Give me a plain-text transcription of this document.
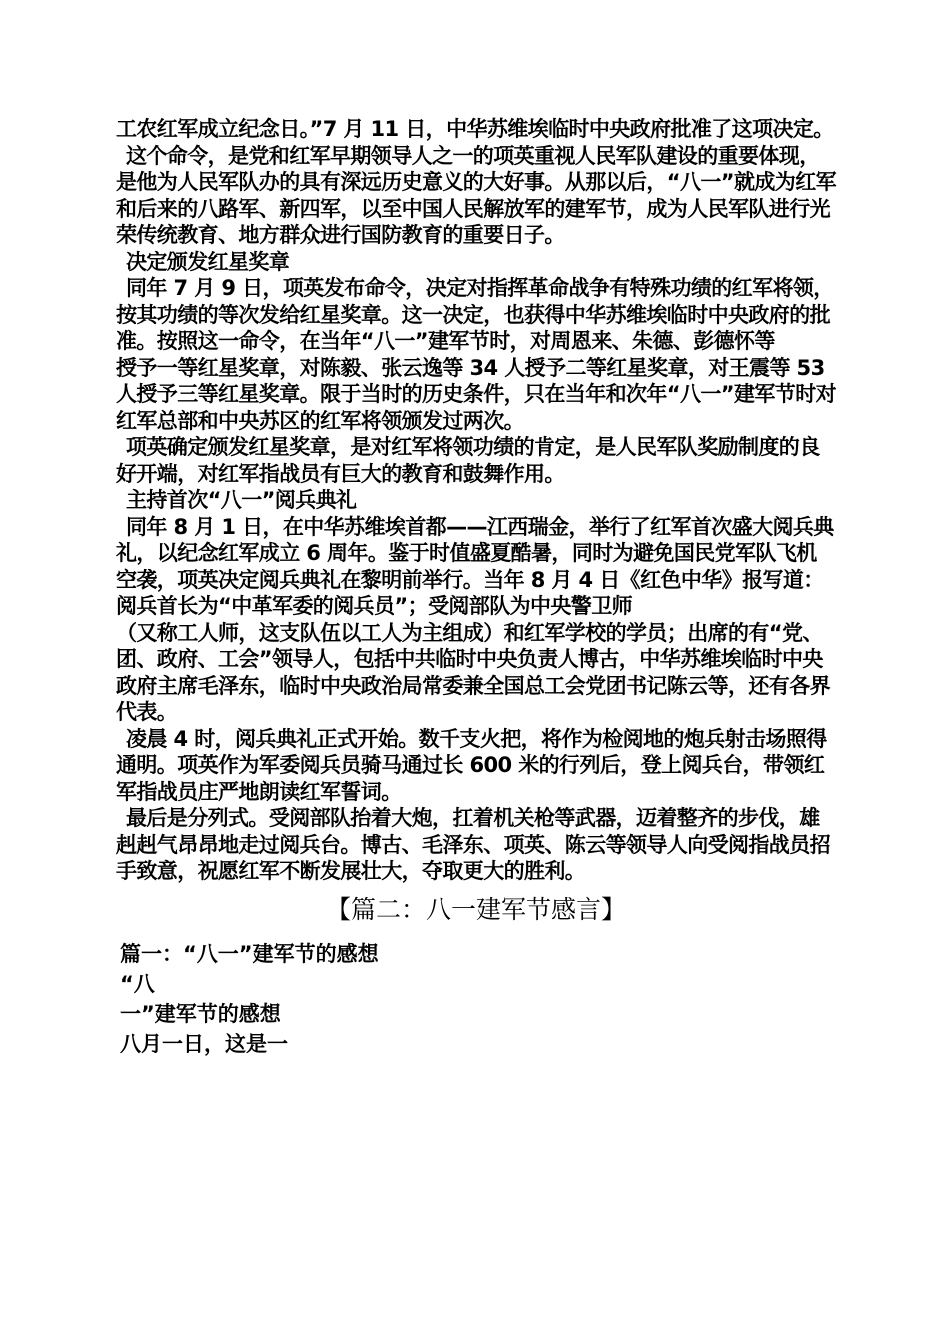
工农红军成立纪念日。”7 月 11 日，中华苏维埃临时中央政府批准了这项决定。

这个命令，是党和红军早期领导人之一的项英重视人民军队建设的重要体现，是他为人民军队办的具有深远历史意义的大好事。从那以后，“八一”就成为红军和后来的八路军、新四军，以至中国人民解放军的建军节，成为人民军队进行光荣传统教育、地方群众进行国防教育的重要日子。

决定颁发红星奖章

同年 7 月 9 日，项英发布命令，决定对指挥革命战争有特殊功绩的红军将领，按其功绩的等次发给红星奖章。这一决定，也获得中华苏维埃临时中央政府的批准。按照这一命令，在当年“八一”建军节时，对周恩来、朱德、彭德怀等

授予一等红星奖章，对陈毅、张云逸等 34 人授予二等红星奖章，对王震等 53 人授予三等红星奖章。限于当时的历史条件，只在当年和次年“八一”建军节时对红军总部和中央苏区的红军将领颁发过两次。

项英确定颁发红星奖章，是对红军将领功绩的肯定，是人民军队奖励制度的良好开端，对红军指战员有巨大的教育和鼓舞作用。

主持首次“八一”阅兵典礼

同年 8 月 1 日，在中华苏维埃首都——江西瑞金，举行了红军首次盛大阅兵典礼，以纪念红军成立 6 周年。鉴于时值盛夏酷暑，同时为避免国民党军队飞机空袭，项英决定阅兵典礼在黎明前举行。当年 8 月 4 日《红色中华》报写道：阅兵首长为“中革军委的阅兵员”；受阅部队为中央警卫师

（又称工人师，这支队伍以工人为主组成）和红军学校的学员；出席的有“党、团、政府、工会”领导人，包括中共临时中央负责人博古，中华苏维埃临时中央政府主席毛泽东，临时中央政治局常委兼全国总工会党团书记陈云等，还有各界代表。

凌晨 4 时，阅兵典礼正式开始。数千支火把，将作为检阅地的炮兵射击场照得通明。项英作为军委阅兵员骑马通过长 600 米的行列后，登上阅兵台，带领红军指战员庄严地朗读红军誓词。

最后是分列式。受阅部队抬着大炮，扛着机关枪等武器，迈着整齐的步伐，雄赳赳气昂昂地走过阅兵台。博古、毛泽东、项英、陈云等领导人向受阅指战员招手致意，祝愿红军不断发展壮大，夺取更大的胜利。

【篇二：八一建军节感言】

篇一：“八一”建军节的感想

“八

一”建军节的感想

八月一日，这是一
